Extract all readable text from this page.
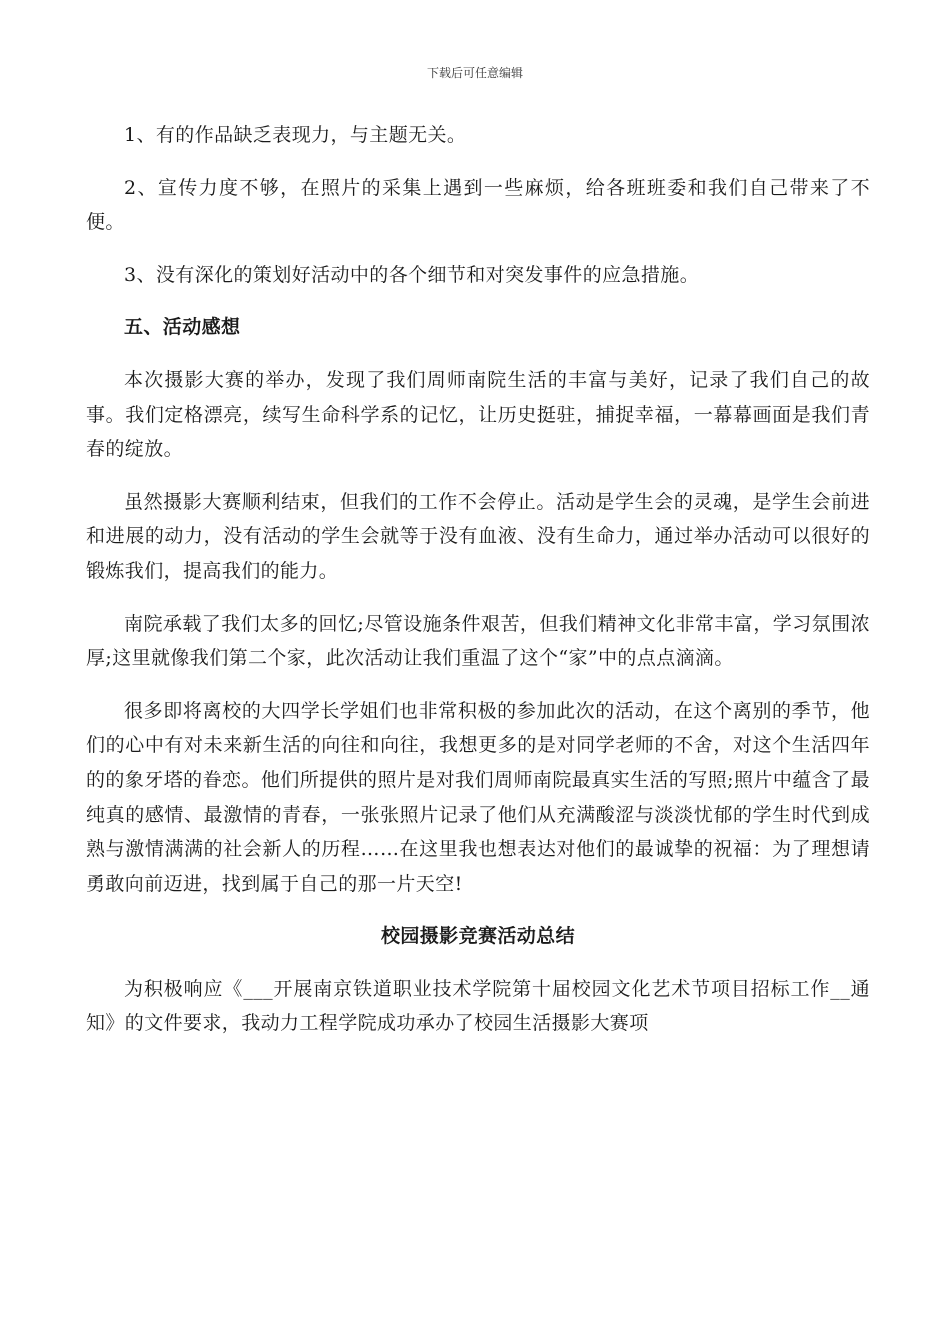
下载后可任意编辑

1、有的作品缺乏表现力，与主题无关。

2、宣传力度不够，在照片的采集上遇到一些麻烦，给各班班委和我们自己带来了不便。

3、没有深化的策划好活动中的各个细节和对突发事件的应急措施。

五、活动感想

本次摄影大赛的举办，发现了我们周师南院生活的丰富与美好，记录了我们自己的故事。我们定格漂亮，续写生命科学系的记忆，让历史挺驻，捕捉幸福，一幕幕画面是我们青春的绽放。

虽然摄影大赛顺利结束，但我们的工作不会停止。活动是学生会的灵魂，是学生会前进和进展的动力，没有活动的学生会就等于没有血液、没有生命力，通过举办活动可以很好的锻炼我们，提高我们的能力。

南院承载了我们太多的回忆;尽管设施条件艰苦，但我们精神文化非常丰富，学习氛围浓厚;这里就像我们第二个家，此次活动让我们重温了这个“家”中的点点滴滴。

很多即将离校的大四学长学姐们也非常积极的参加此次的活动，在这个离别的季节，他们的心中有对未来新生活的向往和向往，我想更多的是对同学老师的不舍，对这个生活四年的的象牙塔的眷恋。他们所提供的照片是对我们周师南院最真实生活的写照;照片中蕴含了最纯真的感情、最激情的青春，一张张照片记录了他们从充满酸涩与淡淡忧郁的学生时代到成熟与激情满满的社会新人的历程……在这里我也想表达对他们的最诚挚的祝福：为了理想请勇敢向前迈进，找到属于自己的那一片天空!

校园摄影竞赛活动总结

为积极响应《___开展南京铁道职业技术学院第十届校园文化艺术节项目招标工作__通知》的文件要求，我动力工程学院成功承办了校园生活摄影大赛项
